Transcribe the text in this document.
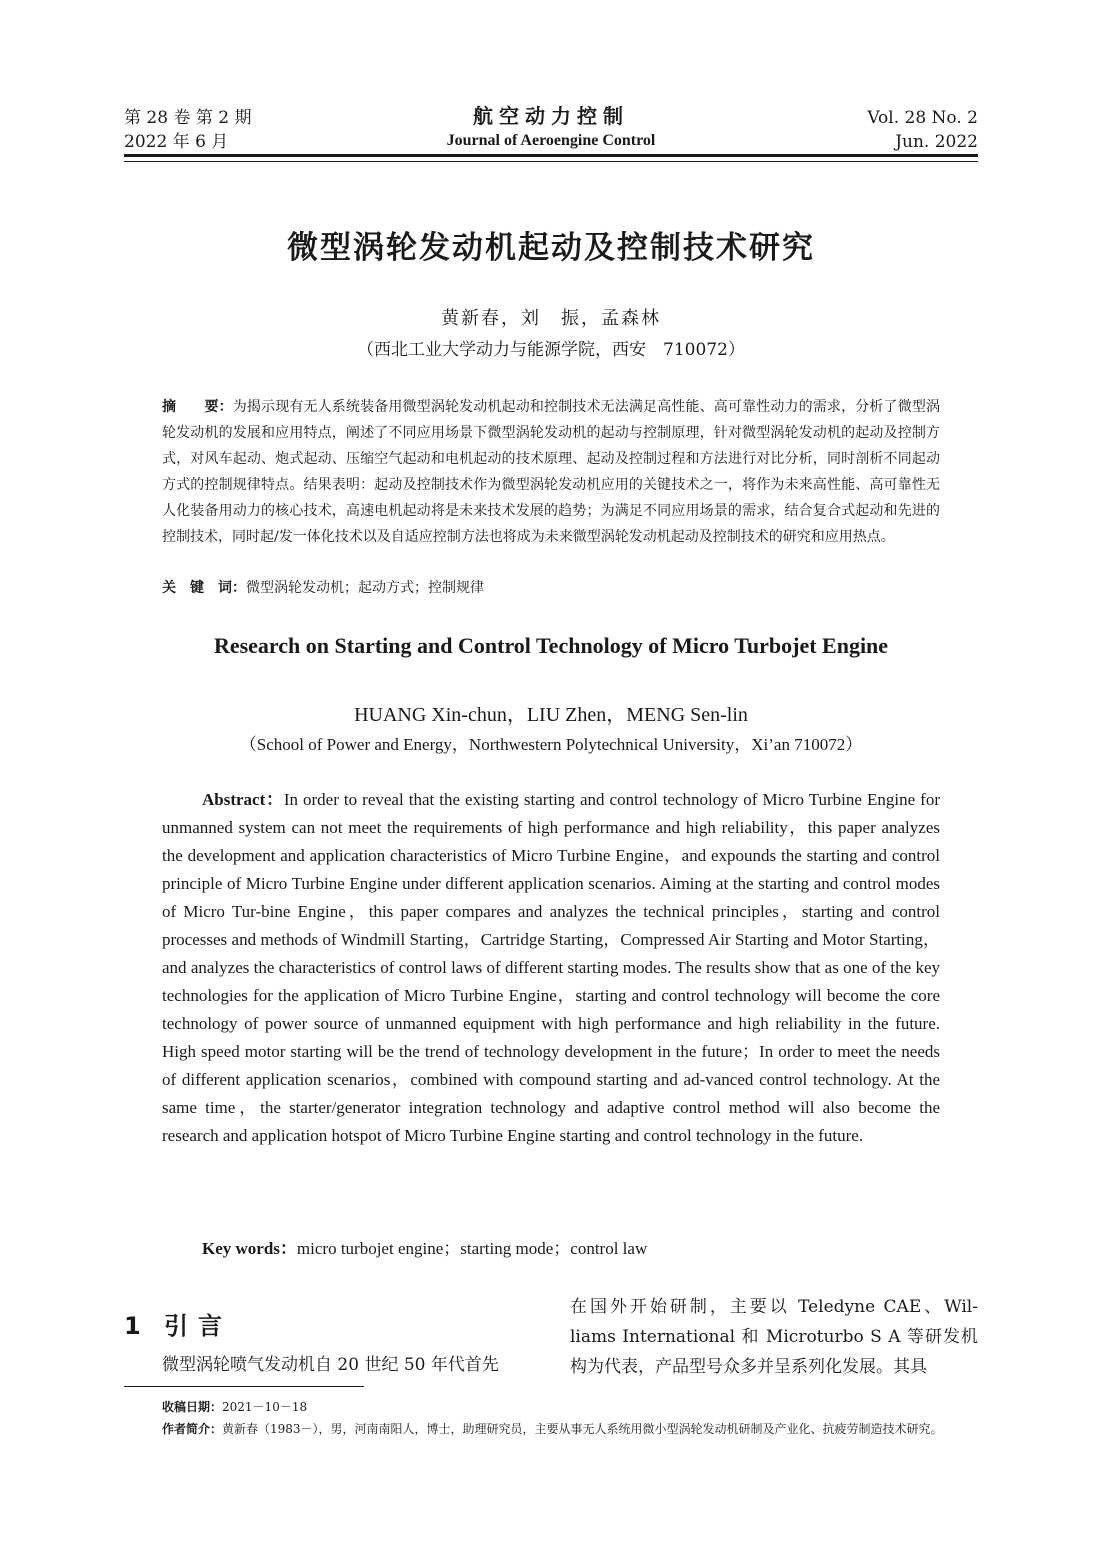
第 28 卷 第 2 期
2022 年 6 月
航空动力控制
Journal of Aeroengine Control
Vol. 28 No. 2
Jun. 2022
微型涡轮发动机起动及控制技术研究
黄新春，刘　振，孟森林
（西北工业大学动力与能源学院，西安　710072）
摘　　要：为揭示现有无人系统装备用微型涡轮发动机起动和控制技术无法满足高性能、高可靠性动力的需求，分析了微型涡轮发动机的发展和应用特点，阐述了不同应用场景下微型涡轮发动机的起动与控制原理，针对微型涡轮发动机的起动及控制方式，对风车起动、炮式起动、压缩空气起动和电机起动的技术原理、起动及控制过程和方法进行对比分析，同时剖析不同起动方式的控制规律特点。结果表明：起动及控制技术作为微型涡轮发动机应用的关键技术之一，将作为未来高性能、高可靠性无人化装备用动力的核心技术，高速电机起动将是未来技术发展的趋势；为满足不同应用场景的需求，结合复合式起动和先进的控制技术，同时起/发一体化技术以及自适应控制方法也将成为未来微型涡轮发动机起动及控制技术的研究和应用热点。
关　键　词：微型涡轮发动机；起动方式；控制规律
Research on Starting and Control Technology of Micro Turbojet Engine
HUANG Xin-chun，LIU Zhen，MENG Sen-lin
（School of Power and Energy，Northwestern Polytechnical University，Xi’an 710072）
Abstract：In order to reveal that the existing starting and control technology of Micro Turbine Engine for unmanned system can not meet the requirements of high performance and high reliability，this paper analyzes the development and application characteristics of Micro Turbine Engine，and expounds the starting and control principle of Micro Turbine Engine under different application scenarios. Aiming at the starting and control modes of Micro Tur-bine Engine，this paper compares and analyzes the technical principles，starting and control processes and methods of Windmill Starting，Cartridge Starting，Compressed Air Starting and Motor Starting，and analyzes the characteristics of control laws of different starting modes. The results show that as one of the key technologies for the application of Micro Turbine Engine，starting and control technology will become the core technology of power source of unmanned equipment with high performance and high reliability in the future. High speed motor starting will be the trend of technology development in the future；In order to meet the needs of different application scenarios，combined with compound starting and ad-vanced control technology. At the same time，the starter/generator integration technology and adaptive control method will also become the research and application hotspot of Micro Turbine Engine starting and control technology in the future.
Key words：micro turbojet engine；starting mode；control law
1 引言
微型涡轮喷气发动机自 20 世纪 50 年代首先
在国外开始研制，主要以 Teledyne CAE、Wil-liams International 和 Microturbo S A 等研发机构为代表，产品型号众多并呈系列化发展。其具
收稿日期：2021－10－18
作者简介：黄新春（1983－），男，河南南阳人，博士，助理研究员，主要从事无人系统用微小型涡轮发动机研制及产业化、抗疲劳制造技术研究。
